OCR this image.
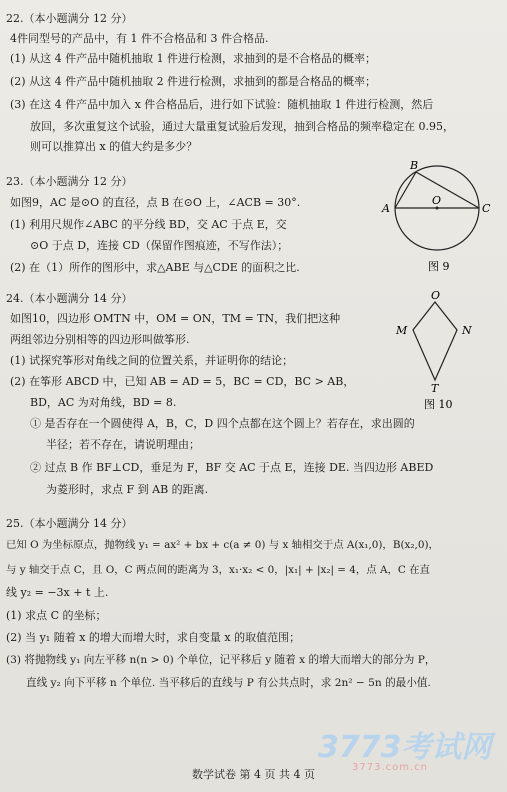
22.（本小题满分 12 分）
4件同型号的产品中，有 1 件不合格品和 3 件合格品.
(1) 从这 4 件产品中随机抽取 1 件进行检测，求抽到的是不合格品的概率；
(2) 从这 4 件产品中随机抽取 2 件进行检测，求抽到的都是合格品的概率；
(3) 在这 4 件产品中加入 x 件合格品后，进行如下试验：随机抽取 1 件进行检测，然后
放回，多次重复这个试验，通过大量重复试验后发现，抽到合格品的频率稳定在 0.95，
则可以推算出 x 的值大约是多少？
23.（本小题满分 12 分）
如图9，AC 是⊙O 的直径，点 B 在⊙O 上，∠ACB = 30°.
(1) 利用尺规作∠ABC 的平分线 BD，交 AC 于点 E，交
⊙O 于点 D，连接 CD（保留作图痕迹，不写作法）；
(2) 在（1）所作的图形中，求△ABE 与△CDE 的面积之比.
A
B
C
O
图 9
24.（本小题满分 14 分）
如图10，四边形 OMTN 中，OM = ON，TM = TN，我们把这种
两组邻边分别相等的四边形叫做筝形.
(1) 试探究筝形对角线之间的位置关系，并证明你的结论；
(2) 在筝形 ABCD 中，已知 AB = AD = 5，BC = CD，BC > AB，
BD，AC 为对角线，BD = 8.
① 是否存在一个圆使得 A，B，C，D 四个点都在这个圆上？若存在，求出圆的
半径；若不存在，请说明理由；
② 过点 B 作 BF⊥CD，垂足为 F，BF 交 AC 于点 E，连接 DE. 当四边形 ABED
为菱形时，求点 F 到 AB 的距离.
O
M	N
T
图 10
25.（本小题满分 14 分）
已知 O 为坐标原点，抛物线 y₁ = ax² + bx + c(a ≠ 0) 与 x 轴相交于点 A(x₁,0)，B(x₂,0)，
与 y 轴交于点 C，且 O，C 两点间的距离为 3，x₁·x₂ < 0，|x₁| + |x₂| = 4，点 A，C 在直
线 y₂ = −3x + t 上.
(1) 求点 C 的坐标；
(2) 当 y₁ 随着 x 的增大而增大时，求自变量 x 的取值范围；
(3) 将抛物线 y₁ 向左平移 n(n > 0) 个单位，记平移后 y 随着 x 的增大而增大的部分为 P，
直线 y₂ 向下平移 n 个单位. 当平移后的直线与 P 有公共点时，求 2n² − 5n 的最小值.
3773考试网
3773.com.cn
数学试卷 第 4 页 共 4 页
